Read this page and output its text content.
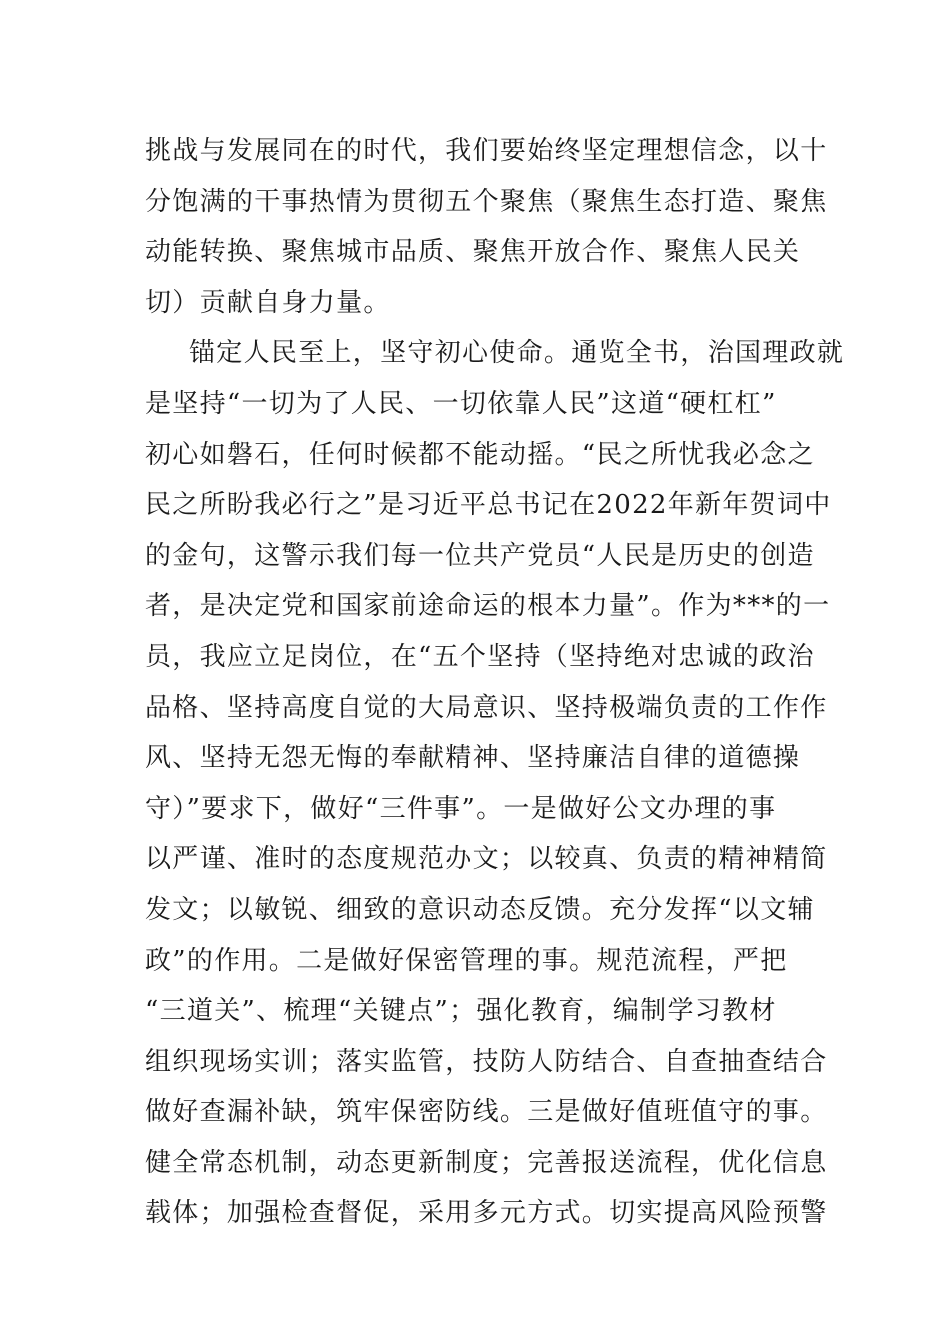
挑战与发展同在的时代，我们要始终坚定理想信念，以十
分饱满的干事热情为贯彻五个聚焦（聚焦生态打造、聚焦
动能转换、聚焦城市品质、聚焦开放合作、聚焦人民关
切）贡献自身力量。
锚定人民至上，坚守初心使命。通览全书，治国理政就
是坚持“一切为了人民、一切依靠人民”这道“硬杠杠”
初心如磐石，任何时候都不能动摇。“民之所忧我必念之
民之所盼我必行之”是习近平总书记在2022年新年贺词中
的金句，这警示我们每一位共产党员“人民是历史的创造
者，是决定党和国家前途命运的根本力量”。作为***的一
员，我应立足岗位，在“五个坚持（坚持绝对忠诚的政治
品格、坚持高度自觉的大局意识、坚持极端负责的工作作
风、坚持无怨无悔的奉献精神、坚持廉洁自律的道德操
守）”要求下，做好“三件事”。一是做好公文办理的事
以严谨、准时的态度规范办文；以较真、负责的精神精简
发文；以敏锐、细致的意识动态反馈。充分发挥“以文辅
政”的作用。二是做好保密管理的事。规范流程，严把
“三道关”、梳理“关键点”；强化教育，编制学习教材
组织现场实训；落实监管，技防人防结合、自查抽查结合
做好查漏补缺，筑牢保密防线。三是做好值班值守的事。
健全常态机制，动态更新制度；完善报送流程，优化信息
载体；加强检查督促，采用多元方式。切实提高风险预警
